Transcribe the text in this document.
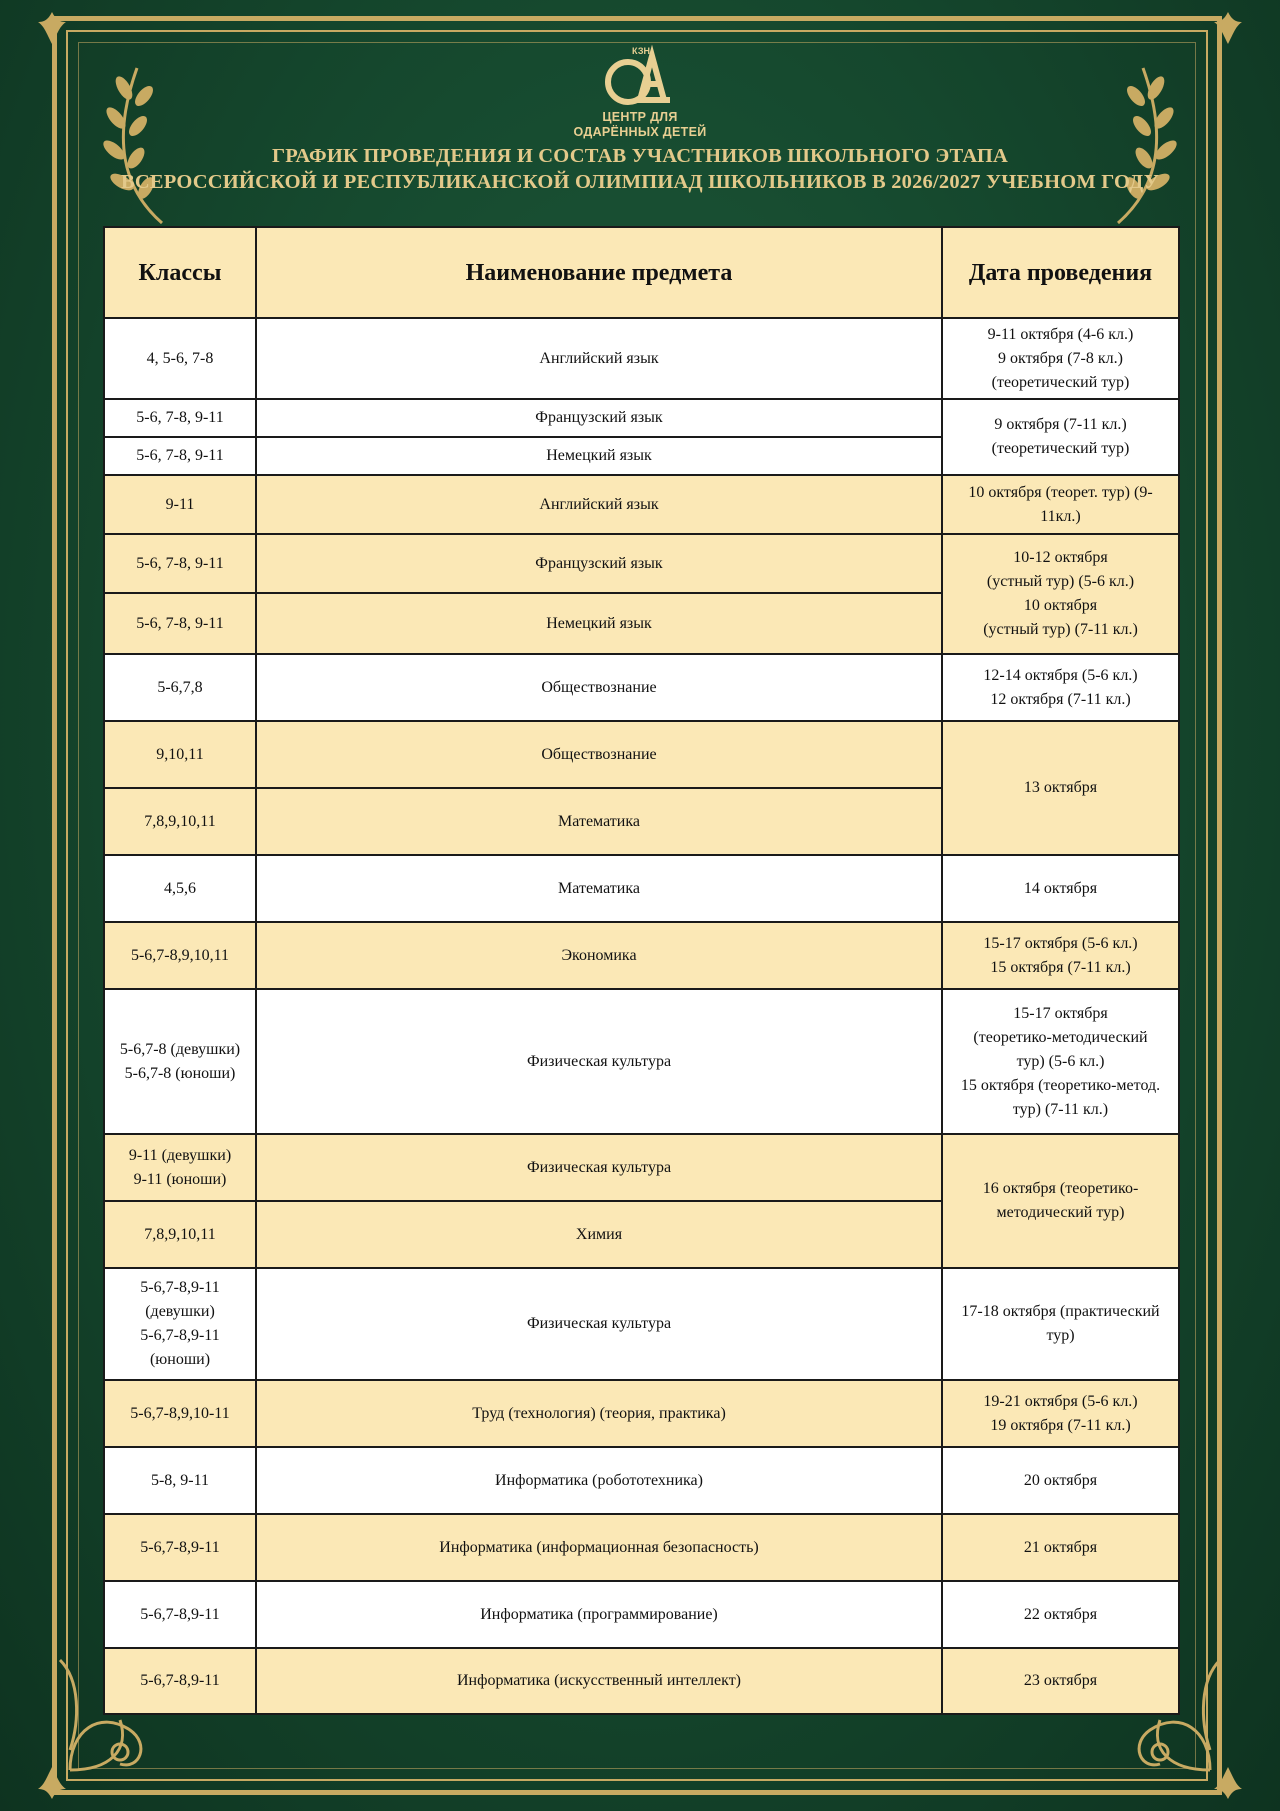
КЗН
ЦЕНТР ДЛЯ
ОДАРЁННЫХ ДЕТЕЙ
ГРАФИК ПРОВЕДЕНИЯ И СОСТАВ УЧАСТНИКОВ ШКОЛЬНОГО ЭТАПА
ВСЕРОССИЙСКОЙ И РЕСПУБЛИКАНСКОЙ ОЛИМПИАД ШКОЛЬНИКОВ В 2026/2027 УЧЕБНОМ ГОДУ
Классы	Наименование предмета	Дата проведения
4, 5-6, 7-8	Английский язык	9-11 октября (4-6 кл.)
9 октября (7-8 кл.)
(теоретический тур)
5-6, 7-8, 9-11	Французский язык	9 октября (7-11 кл.)
(теоретический тур)
5-6, 7-8, 9-11	Немецкий язык	
9-11	Английский язык	10 октября (теорет. тур) (9-
11кл.)
5-6, 7-8, 9-11	Французский язык	10-12 октября
(устный тур) (5-6 кл.)
10 октября
(устный тур) (7-11 кл.)
5-6, 7-8, 9-11	Немецкий язык	
5-6,7,8	Обществознание	12-14 октября (5-6 кл.)
12 октября (7-11 кл.)
9,10,11	Обществознание	13 октября
7,8,9,10,11	Математика	
4,5,6	Математика	14 октября
5-6,7-8,9,10,11	Экономика	15-17 октября (5-6 кл.)
15 октября (7-11 кл.)
5-6,7-8 (девушки)
5-6,7-8 (юноши)	Физическая культура	15-17 октября
(теоретико-методический
тур) (5-6 кл.)
15 октября (теоретико-метод.
тур) (7-11 кл.)
9-11 (девушки)
9-11 (юноши)	Физическая культура	16 октября (теоретико-
методический тур)
7,8,9,10,11	Химия	
5-6,7-8,9-11
(девушки)
5-6,7-8,9-11
(юноши)	Физическая культура	17-18 октября (практический
тур)
5-6,7-8,9,10-11	Труд (технология) (теория, практика)	19-21 октября (5-6 кл.)
19 октября (7-11 кл.)
5-8, 9-11	Информатика (робототехника)	20 октября
5-6,7-8,9-11	Информатика (информационная безопасность)	21 октября
5-6,7-8,9-11	Информатика (программирование)	22 октября
5-6,7-8,9-11	Информатика (искусственный интеллект)	23 октября
